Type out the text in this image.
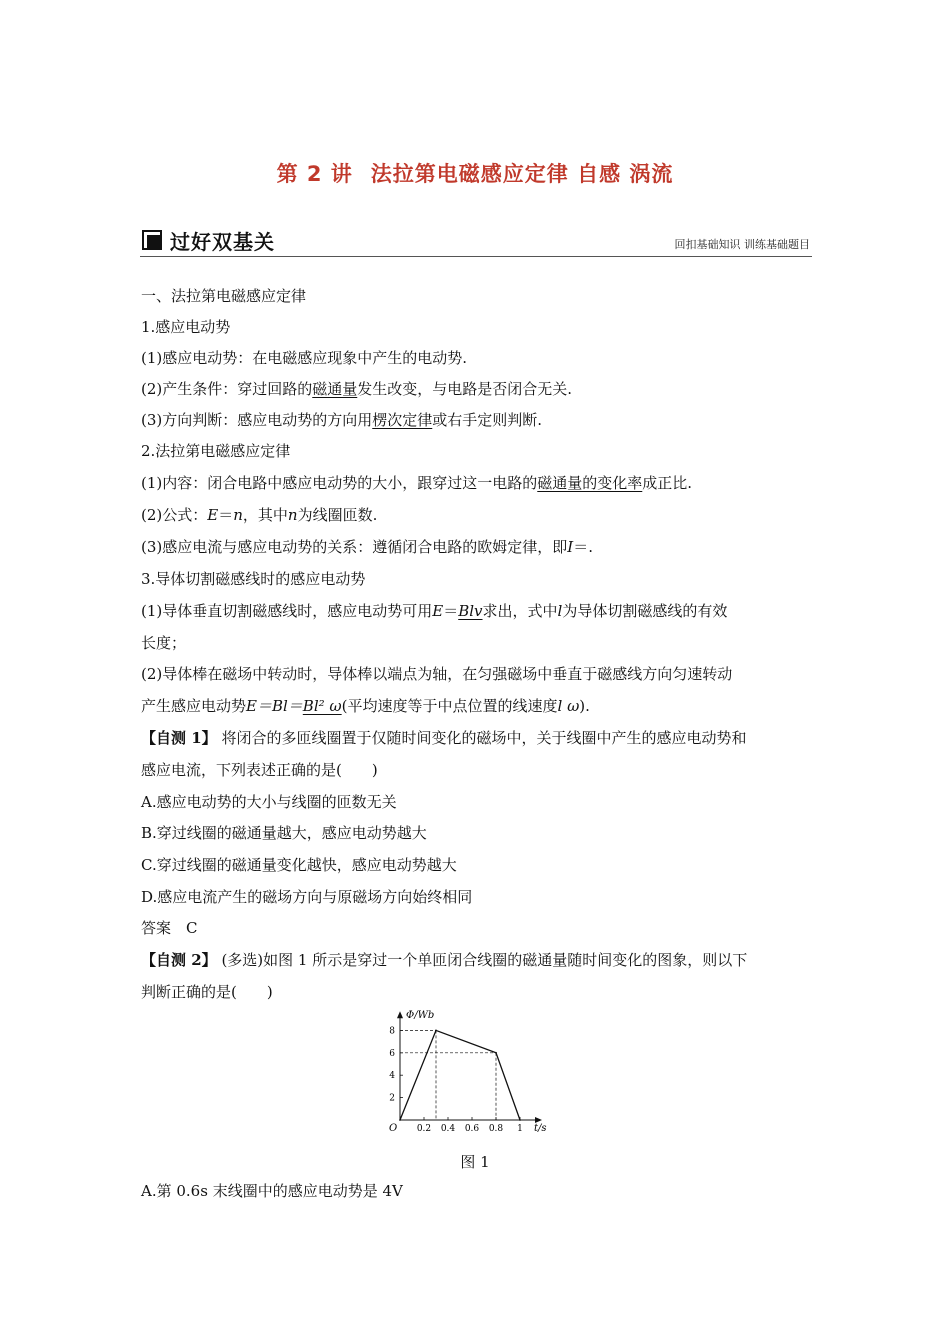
第 2 讲 法拉第电磁感应定律 自感 涡流
过好双基关	回扣基础知识 训练基础题目
一、法拉第电磁感应定律
1.感应电动势
(1)感应电动势：在电磁感应现象中产生的电动势.
(2)产生条件：穿过回路的磁通量发生改变，与电路是否闭合无关.
(3)方向判断：感应电动势的方向用楞次定律或右手定则判断.
2.法拉第电磁感应定律
(1)内容：闭合电路中感应电动势的大小，跟穿过这一电路的磁通量的变化率成正比.
(2)公式：E＝n，其中n为线圈匝数.
(3)感应电流与感应电动势的关系：遵循闭合电路的欧姆定律，即I＝.
3.导体切割磁感线时的感应电动势
(1)导体垂直切割磁感线时，感应电动势可用E＝Blv求出，式中l为导体切割磁感线的有效
长度；
(2)导体棒在磁场中转动时，导体棒以端点为轴，在匀强磁场中垂直于磁感线方向匀速转动
产生感应电动势E＝Bl＝Bl² ω(平均速度等于中点位置的线速度l ω).
【自测 1】 将闭合的多匝线圈置于仅随时间变化的磁场中，关于线圈中产生的感应电动势和
感应电流，下列表述正确的是(　　)
A.感应电动势的大小与线圈的匝数无关
B.穿过线圈的磁通量越大，感应电动势越大
C.穿过线圈的磁通量变化越快，感应电动势越大
D.感应电流产生的磁场方向与原磁场方向始终相同
答案　C
【自测 2】 (多选)如图 1 所示是穿过一个单匝闭合线圈的磁通量随时间变化的图象，则以下
判断正确的是(　　)
Φ/Wb
t/s
O 0.2 0.4 0.6 0.8 1
2
4
6
8
图 1
A.第 0.6s 末线圈中的感应电动势是 4V
